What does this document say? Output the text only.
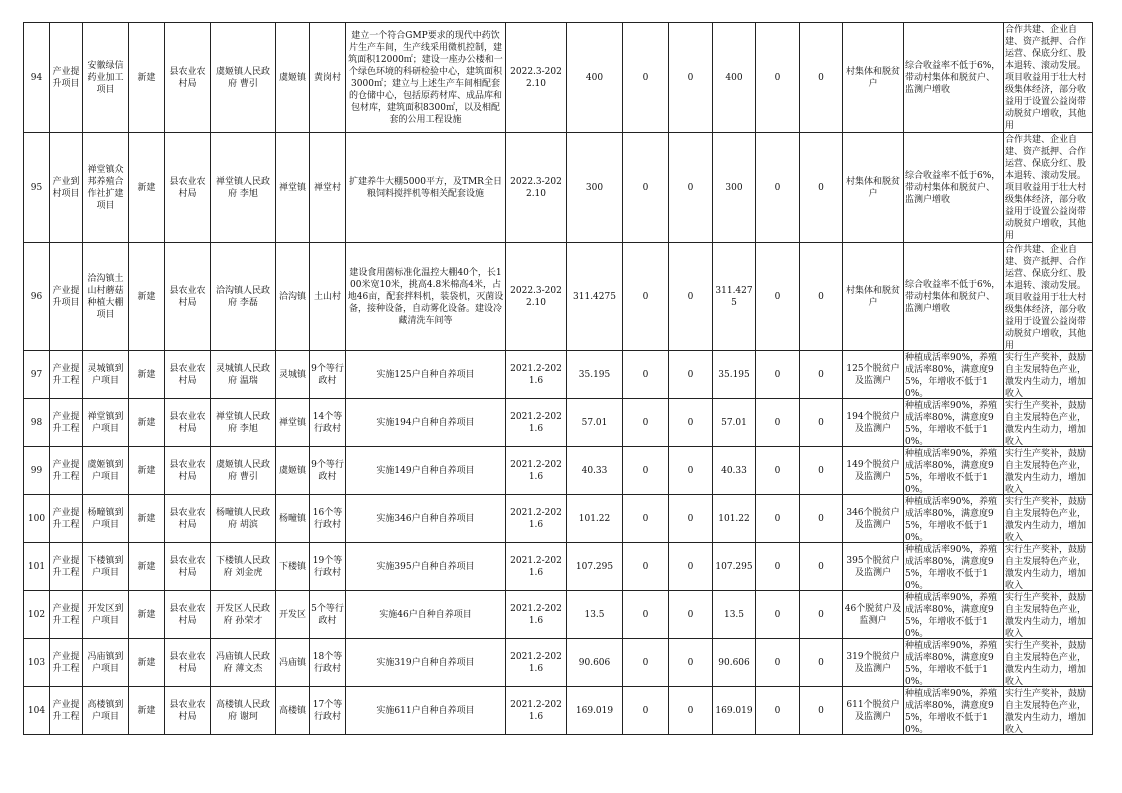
94	产业提升项目	安徽绿信药业加工项目	新建	县农业农村局	虞姬镇人民政府 曹引	虞姬镇	黄岗村	建立一个符合GMP要求的现代中药饮片生产车间，生产线采用微机控制，建筑面积12000㎡；建设一座办公楼和一个绿色环境的科研检验中心，建筑面积3000㎡；建立与上述生产车间相配套的仓储中心，包括原药材库、成品库和包材库，建筑面积8300㎡，以及相配套的公用工程设施	2022.3-2022.10	400	0	0	400	0	0	村集体和脱贫户	综合收益率不低于6%，带动村集体和脱贫户、监测户增收	合作共建、企业自建、资产抵押、合作运营、保底分红、股本退转、滚动发展。项目收益用于壮大村级集体经济，部分收益用于设置公益岗带动脱贫户增收，其他用

95	产业到村项目	禅堂镇众邦养殖合作社扩建项目	新建	县农业农村局	禅堂镇人民政府 李旭	禅堂镇	禅堂村	扩建养牛大棚5000平方，及TMR全日粮饲料搅拌机等相关配套设施	2022.3-2022.10	300	0	0	300	0	0	村集体和脱贫户	综合收益率不低于6%，带动村集体和脱贫户、监测户增收	合作共建、企业自建、资产抵押、合作运营、保底分红、股本退转、滚动发展。项目收益用于壮大村级集体经济，部分收益用于设置公益岗带动脱贫户增收，其他用

96	产业提升项目	洽沟镇土山村蘑菇种植大棚项目	新建	县农业农村局	洽沟镇人民政府 李磊	洽沟镇	土山村	建设食用菌标准化温控大棚40个，长100米宽10米，挑高4.8米棉高4米，占地46亩，配套拌料机，装袋机，灭菌设备，接种设备，自动雾化设备。建设冷藏清洗车间等	2022.3-2022.10	311.4275	0	0	311.4275	0	0	村集体和脱贫户	综合收益率不低于6%，带动村集体和脱贫户、监测户增收	合作共建、企业自建、资产抵押、合作运营、保底分红、股本退转、滚动发展。项目收益用于壮大村级集体经济，部分收益用于设置公益岗带动脱贫户增收，其他用

97	产业提升工程	灵城镇到户项目	新建	县农业农村局	灵城镇人民政府 温瑞	灵城镇	9个等行政村	实施125户自种自养项目	2021.2-2021.6	35.195	0	0	35.195	0	0	125个脱贫户及监测户	种植成活率90%，养殖成活率80%，满意度95%，年增收不低于10%。	实行生产奖补，鼓励自主发展特色产业，激发内生动力，增加收入

98	产业提升工程	禅堂镇到户项目	新建	县农业农村局	禅堂镇人民政府 李旭	禅堂镇	14个等行政村	实施194户自种自养项目	2021.2-2021.6	57.01	0	0	57.01	0	0	194个脱贫户及监测户	种植成活率90%，养殖成活率80%，满意度95%，年增收不低于10%。	实行生产奖补，鼓励自主发展特色产业，激发内生动力，增加收入

99	产业提升工程	虞姬镇到户项目	新建	县农业农村局	虞姬镇人民政府 曹引	虞姬镇	9个等行政村	实施149户自种自养项目	2021.2-2021.6	40.33	0	0	40.33	0	0	149个脱贫户及监测户	种植成活率90%，养殖成活率80%，满意度95%，年增收不低于10%。	实行生产奖补，鼓励自主发展特色产业，激发内生动力，增加收入

100	产业提升工程	杨疃镇到户项目	新建	县农业农村局	杨疃镇人民政府 胡滨	杨疃镇	16个等行政村	实施346户自种自养项目	2021.2-2021.6	101.22	0	0	101.22	0	0	346个脱贫户及监测户	种植成活率90%，养殖成活率80%，满意度95%，年增收不低于10%。	实行生产奖补，鼓励自主发展特色产业，激发内生动力，增加收入

101	产业提升工程	下楼镇到户项目	新建	县农业农村局	下楼镇人民政府 刘金虎	下楼镇	19个等行政村	实施395户自种自养项目	2021.2-2021.6	107.295	0	0	107.295	0	0	395个脱贫户及监测户	种植成活率90%，养殖成活率80%，满意度95%，年增收不低于10%。	实行生产奖补，鼓励自主发展特色产业，激发内生动力，增加收入

102	产业提升工程	开发区到户项目	新建	县农业农村局	开发区人民政府 孙荣才	开发区	5个等行政村	实施46户自种自养项目	2021.2-2021.6	13.5	0	0	13.5	0	0	46个脱贫户及监测户	种植成活率90%，养殖成活率80%，满意度95%，年增收不低于10%。	实行生产奖补，鼓励自主发展特色产业，激发内生动力，增加收入

103	产业提升工程	冯庙镇到户项目	新建	县农业农村局	冯庙镇人民政府 薄文杰	冯庙镇	18个等行政村	实施319户自种自养项目	2021.2-2021.6	90.606	0	0	90.606	0	0	319个脱贫户及监测户	种植成活率90%，养殖成活率80%，满意度95%，年增收不低于10%。	实行生产奖补，鼓励自主发展特色产业，激发内生动力，增加收入

104	产业提升工程	高楼镇到户项目	新建	县农业农村局	高楼镇人民政府 谢珂	高楼镇	17个等行政村	实施611户自种自养项目	2021.2-2021.6	169.019	0	0	169.019	0	0	611个脱贫户及监测户	种植成活率90%，养殖成活率80%，满意度95%，年增收不低于10%。	实行生产奖补，鼓励自主发展特色产业，激发内生动力，增加收入
